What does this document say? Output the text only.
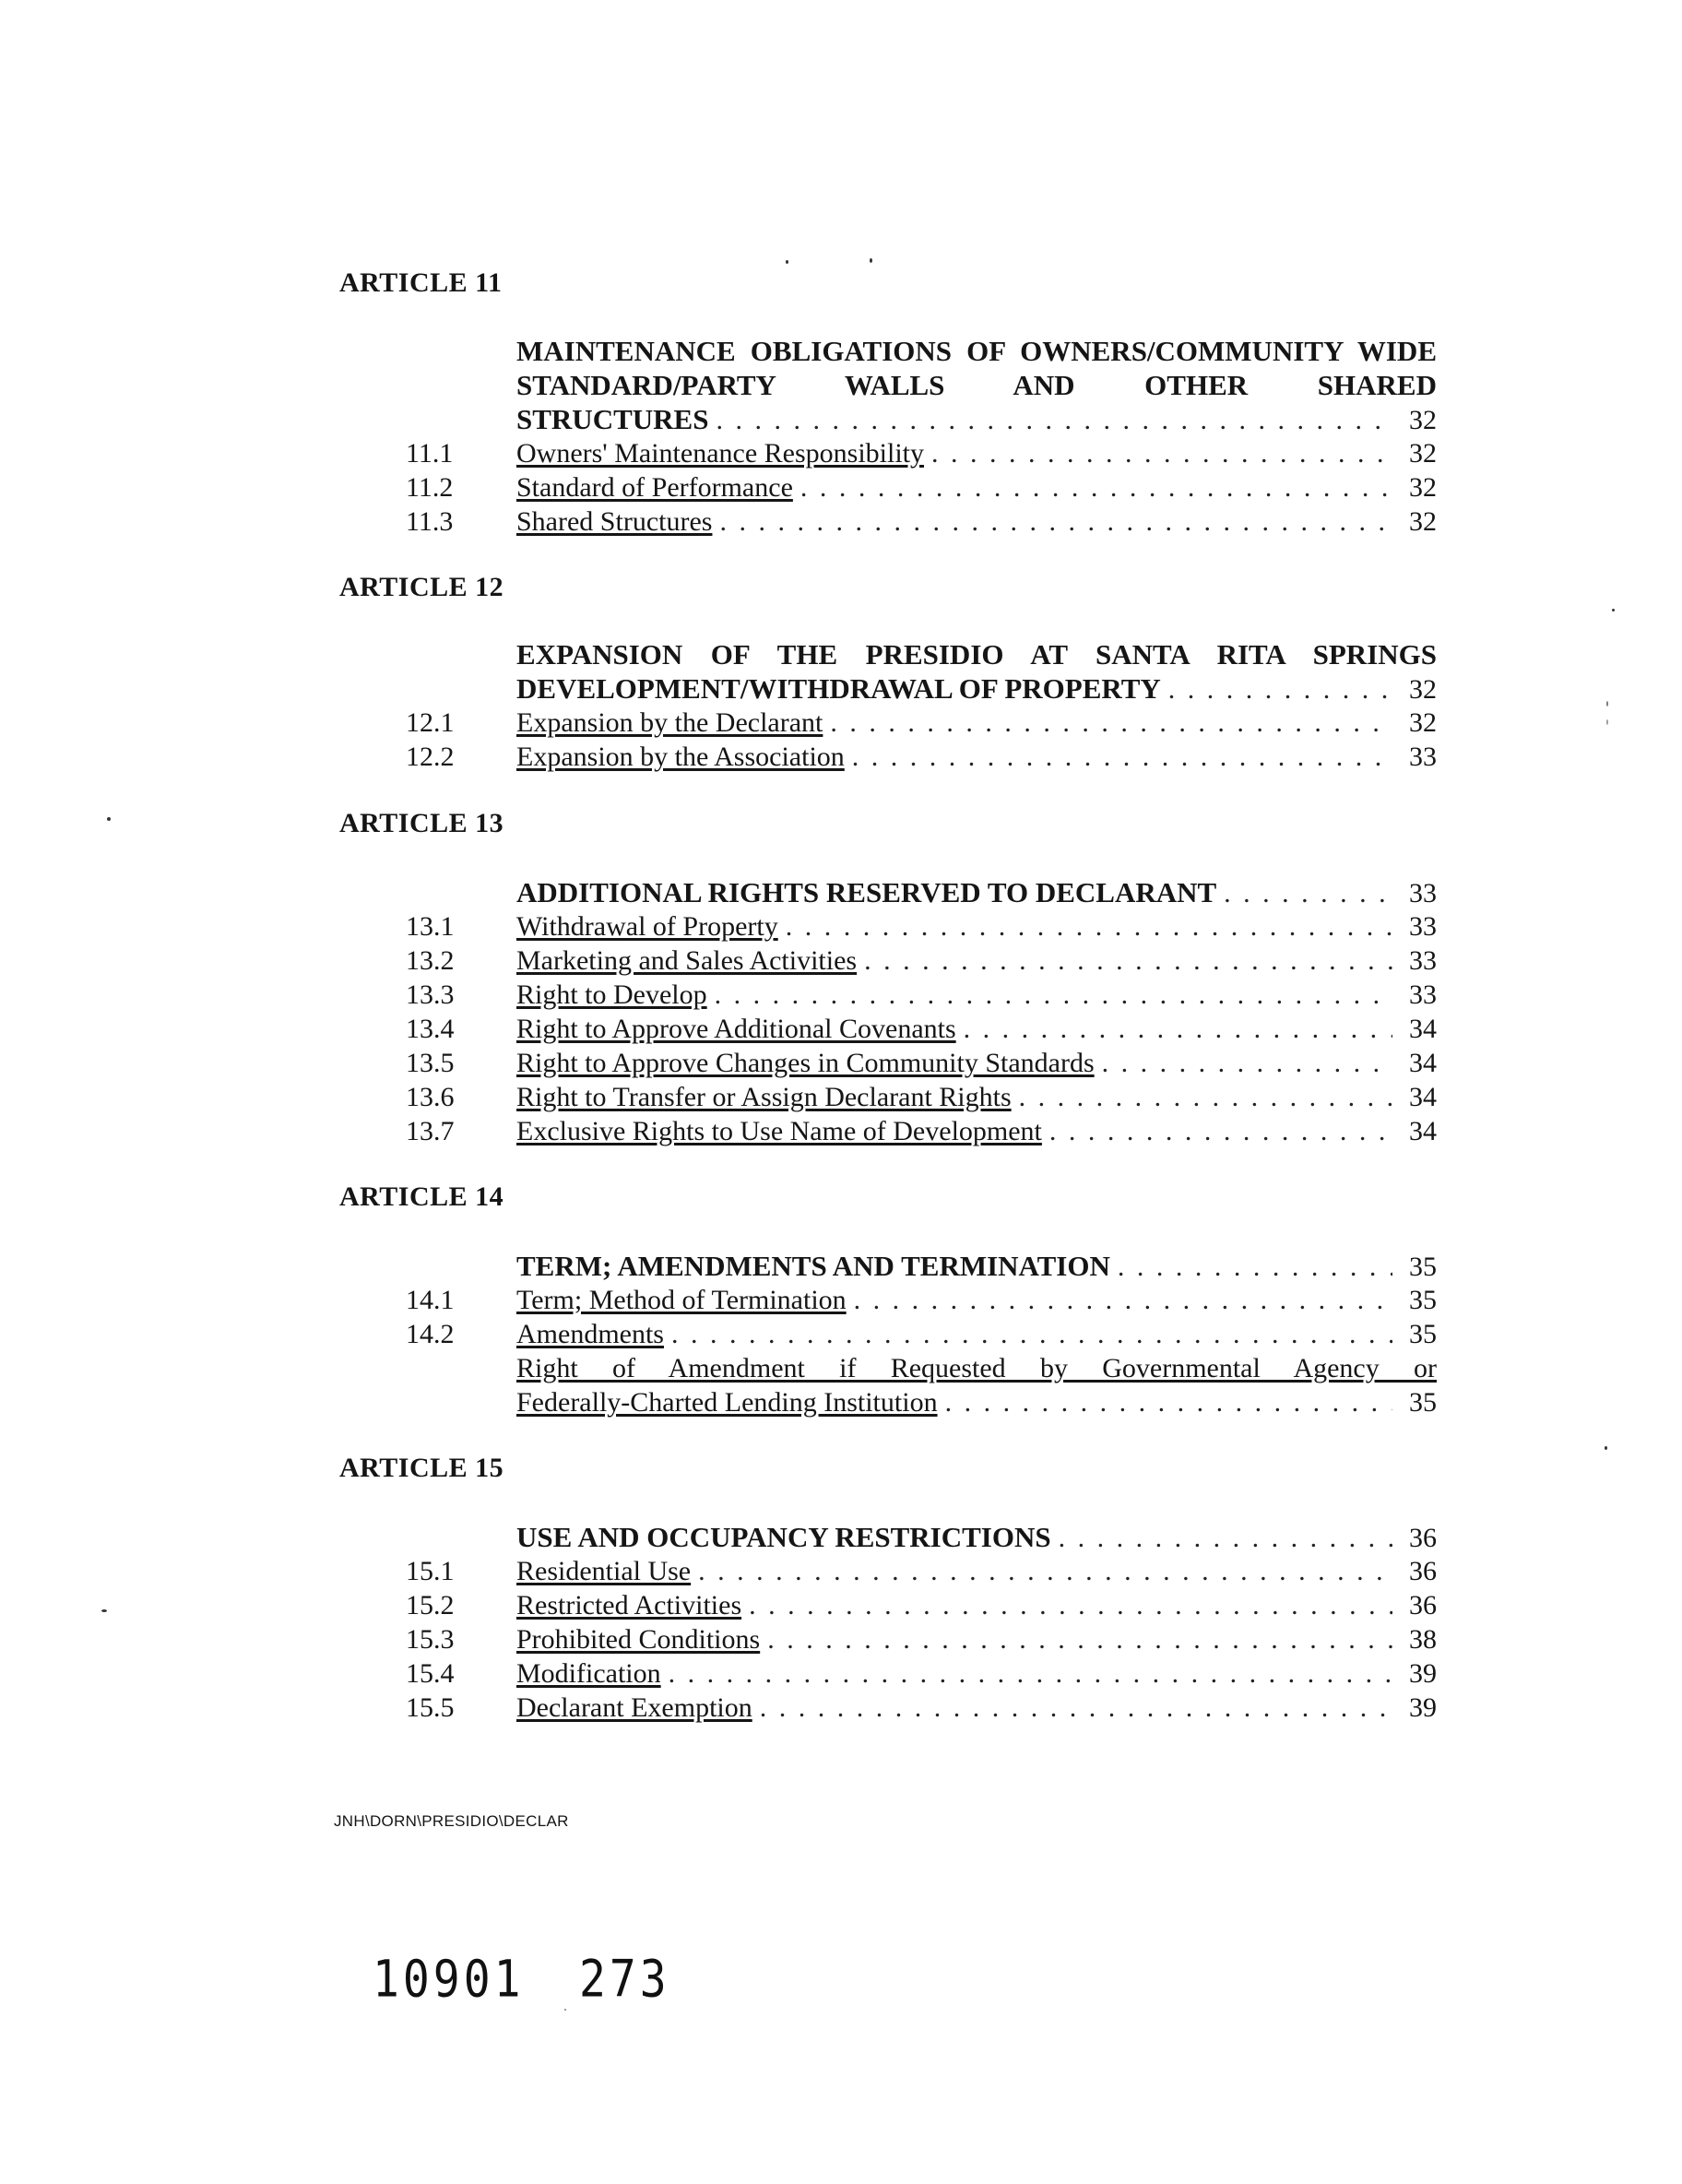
ARTICLE 11
MAINTENANCE OBLIGATIONS OF OWNERS/COMMUNITY WIDE
STANDARD/PARTY WALLS AND OTHER SHARED
STRUCTURES . . .	32
11.1	Owners' Maintenance Responsibility . . .	32
11.2	Standard of Performance . . .	32
11.3	Shared Structures . . .	32
ARTICLE 12
EXPANSION OF THE PRESIDIO AT SANTA RITA SPRINGS
DEVELOPMENT/WITHDRAWAL OF PROPERTY . . .	32
12.1	Expansion by the Declarant . . .	32
12.2	Expansion by the Association . . .	33
ARTICLE 13
ADDITIONAL RIGHTS RESERVED TO DECLARANT . . .	33
13.1	Withdrawal of Property . . .	33
13.2	Marketing and Sales Activities . . .	33
13.3	Right to Develop . . .	33
13.4	Right to Approve Additional Covenants . . .	34
13.5	Right to Approve Changes in Community Standards . . .	34
13.6	Right to Transfer or Assign Declarant Rights . . .	34
13.7	Exclusive Rights to Use Name of Development . . .	34
ARTICLE 14
TERM; AMENDMENTS AND TERMINATION . . .	35
14.1	Term; Method of Termination . . .	35
14.2	Amendments . . .	35
Right of Amendment if Requested by Governmental Agency or
Federally-Charted Lending Institution . . .	35
ARTICLE 15
USE AND OCCUPANCY RESTRICTIONS . . .	36
15.1	Residential Use . . .	36
15.2	Restricted Activities . . .	36
15.3	Prohibited Conditions . . .	38
15.4	Modification . . .	39
15.5	Declarant Exemption . . .	39
JNH\DORN\PRESIDIO\DECLAR
10901 273
